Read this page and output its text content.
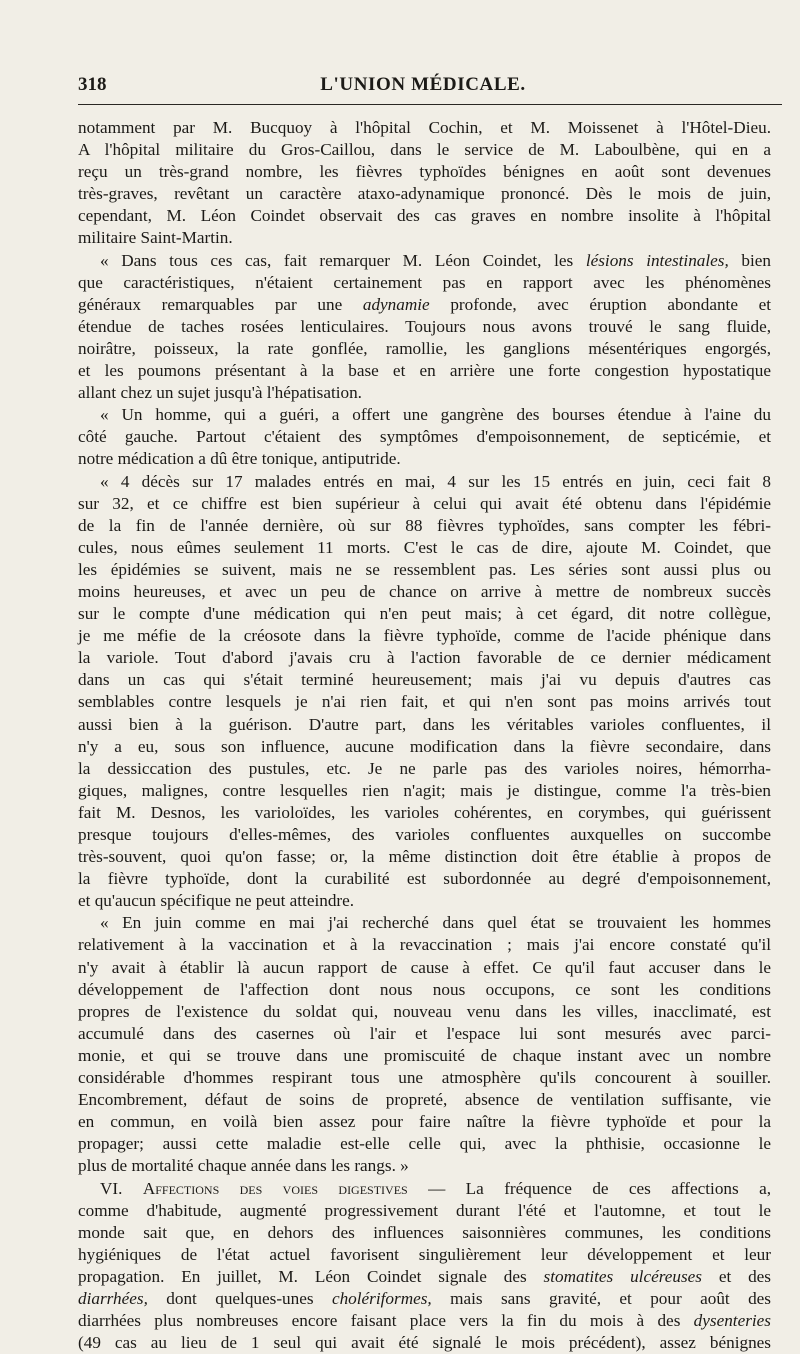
318	L'UNION MÉDICALE.
notamment par M. Bucquoy à l'hôpital Cochin, et M. Moissenet à l'Hôtel-Dieu.
A l'hôpital militaire du Gros-Caillou, dans le service de M. Laboulbène, qui en a
reçu un très-grand nombre, les fièvres typhoïdes bénignes en août sont devenues
très-graves, revêtant un caractère ataxo-adynamique prononcé. Dès le mois de juin,
cependant, M. Léon Coindet observait des cas graves en nombre insolite à l'hôpital
militaire Saint-Martin.
« Dans tous ces cas, fait remarquer M. Léon Coindet, les lésions intestinales, bien
que caractéristiques, n'étaient certainement pas en rapport avec les phénomènes
généraux remarquables par une adynamie profonde, avec éruption abondante et
étendue de taches rosées lenticulaires. Toujours nous avons trouvé le sang fluide,
noirâtre, poisseux, la rate gonflée, ramollie, les ganglions mésentériques engorgés,
et les poumons présentant à la base et en arrière une forte congestion hypostatique
allant chez un sujet jusqu'à l'hépatisation.
« Un homme, qui a guéri, a offert une gangrène des bourses étendue à l'aine du
côté gauche. Partout c'étaient des symptômes d'empoisonnement, de septicémie, et
notre médication a dû être tonique, antiputride.
« 4 décès sur 17 malades entrés en mai, 4 sur les 15 entrés en juin, ceci fait 8
sur 32, et ce chiffre est bien supérieur à celui qui avait été obtenu dans l'épidémie
de la fin de l'année dernière, où sur 88 fièvres typhoïdes, sans compter les fébri-
cules, nous eûmes seulement 11 morts. C'est le cas de dire, ajoute M. Coindet, que
les épidémies se suivent, mais ne se ressemblent pas. Les séries sont aussi plus ou
moins heureuses, et avec un peu de chance on arrive à mettre de nombreux succès
sur le compte d'une médication qui n'en peut mais; à cet égard, dit notre collègue,
je me méfie de la créosote dans la fièvre typhoïde, comme de l'acide phénique dans
la variole. Tout d'abord j'avais cru à l'action favorable de ce dernier médicament
dans un cas qui s'était terminé heureusement; mais j'ai vu depuis d'autres cas
semblables contre lesquels je n'ai rien fait, et qui n'en sont pas moins arrivés tout
aussi bien à la guérison. D'autre part, dans les véritables varioles confluentes, il
n'y a eu, sous son influence, aucune modification dans la fièvre secondaire, dans
la dessiccation des pustules, etc. Je ne parle pas des varioles noires, hémorrha-
giques, malignes, contre lesquelles rien n'agit; mais je distingue, comme l'a très-bien
fait M. Desnos, les varioloïdes, les varioles cohérentes, en corymbes, qui guérissent
presque toujours d'elles-mêmes, des varioles confluentes auxquelles on succombe
très-souvent, quoi qu'on fasse; or, la même distinction doit être établie à propos de
la fièvre typhoïde, dont la curabilité est subordonnée au degré d'empoisonnement,
et qu'aucun spécifique ne peut atteindre.
« En juin comme en mai j'ai recherché dans quel état se trouvaient les hommes
relativement à la vaccination et à la revaccination ; mais j'ai encore constaté qu'il
n'y avait à établir là aucun rapport de cause à effet. Ce qu'il faut accuser dans le
développement de l'affection dont nous nous occupons, ce sont les conditions
propres de l'existence du soldat qui, nouveau venu dans les villes, inacclimaté, est
accumulé dans des casernes où l'air et l'espace lui sont mesurés avec parci-
monie, et qui se trouve dans une promiscuité de chaque instant avec un nombre
considérable d'hommes respirant tous une atmosphère qu'ils concourent à souiller.
Encombrement, défaut de soins de propreté, absence de ventilation suffisante, vie
en commun, en voilà bien assez pour faire naître la fièvre typhoïde et pour la
propager; aussi cette maladie est-elle celle qui, avec la phthisie, occasionne le
plus de mortalité chaque année dans les rangs. »
VI. Affections des voies digestives — La fréquence de ces affections a,
comme d'habitude, augmenté progressivement durant l'été et l'automne, et tout le
monde sait que, en dehors des influences saisonnières communes, les conditions
hygiéniques de l'état actuel favorisent singulièrement leur développement et leur
propagation. En juillet, M. Léon Coindet signale des stomatites ulcéreuses et des
diarrhées, dont quelques-unes cholériformes, mais sans gravité, et pour août des
diarrhées plus nombreuses encore faisant place vers la fin du mois à des dysenteries
(49 cas au lieu de 1 seul qui avait été signalé le mois précédent), assez bénignes
